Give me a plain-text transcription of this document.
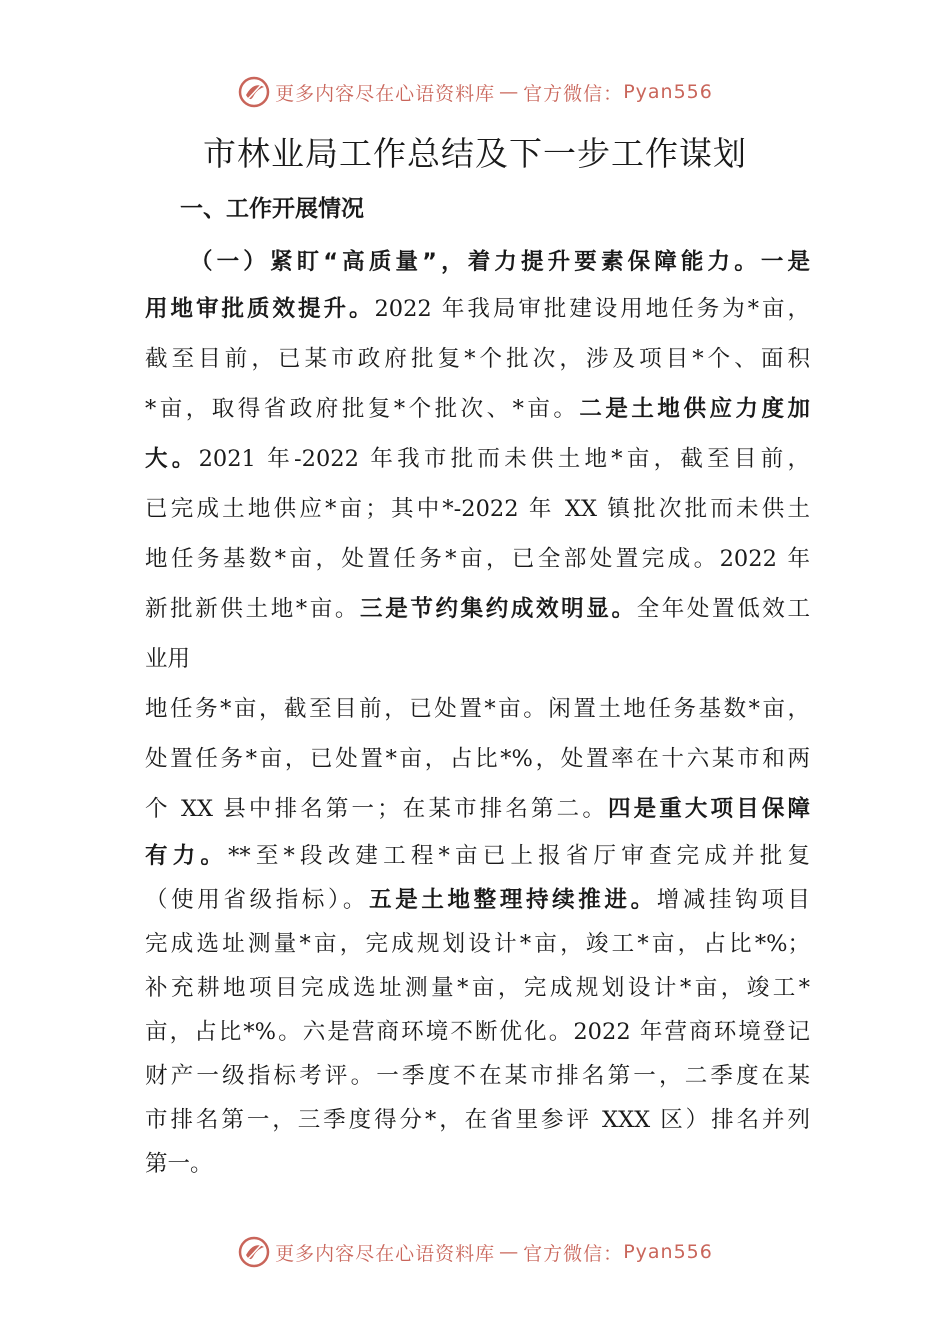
更多内容尽在心语资料库 — 官方微信： Pyan556
市林业局工作总结及下一步工作谋划
一、工作开展情况
（一）紧盯“高质量”，着力提升要素保障能力。一是
用地审批质效提升。2022 年我局审批建设用地任务为*亩，
截至目前，已某市政府批复*个批次，涉及项目*个、面积
*亩，取得省政府批复*个批次、*亩。二是土地供应力度加
大。2021 年-2022 年我市批而未供土地*亩，截至目前，
已完成土地供应*亩；其中*-2022 年 XX 镇批次批而未供土
地任务基数*亩，处置任务*亩，已全部处置完成。2022 年
新批新供土地*亩。三是节约集约成效明显。全年处置低效工
业用
地任务*亩，截至目前，已处置*亩。闲置土地任务基数*亩，
处置任务*亩，已处置*亩，占比*%，处置率在十六某市和两
个 XX 县中排名第一；在某市排名第二。四是重大项目保障
有力。**至*段改建工程*亩已上报省厅审查完成并批复
（使用省级指标）。五是土地整理持续推进。增减挂钩项目
完成选址测量*亩，完成规划设计*亩，竣工*亩，占比*%；
补充耕地项目完成选址测量*亩，完成规划设计*亩，竣工*
亩，占比*%。六是营商环境不断优化。2022 年营商环境登记
财产一级指标考评。一季度不在某市排名第一，二季度在某
市排名第一，三季度得分*，在省里参评 XXX 区）排名并列
第一。
更多内容尽在心语资料库 — 官方微信： Pyan556
